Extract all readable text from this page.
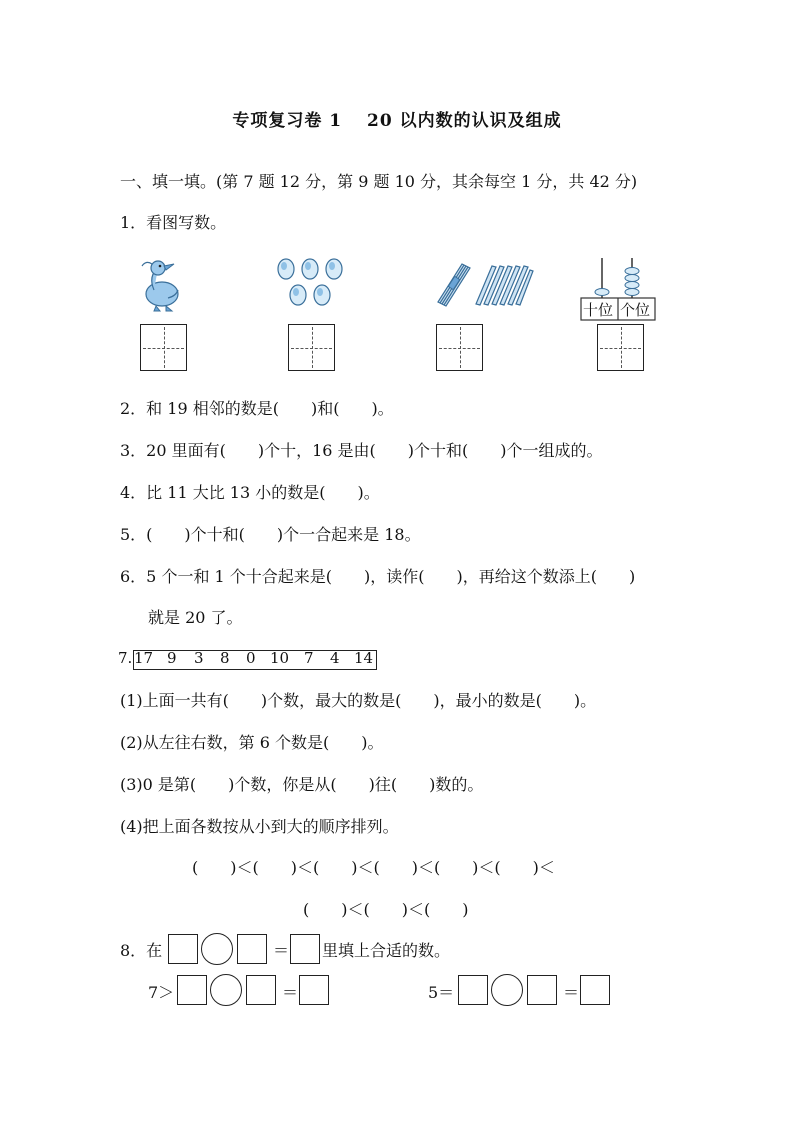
专项复习卷 1　 20 以内数的认识及组成
一、填一填。(第 7 题 12 分，第 9 题 10 分，其余每空 1 分，共 42 分)
1．看图写数。
十位 个位
2．和 19 相邻的数是(　　)和(　　)。
3．20 里面有(　　)个十，16 是由(　　)个十和(　　)个一组成的。
4．比 11 大比 13 小的数是(　　)。
5．(　　)个十和(　　)个一合起来是 18。
6．5 个一和 1 个十合起来是(　　)，读作(　　)，再给这个数添上(　　)
就是 20 了。
7. 17 9 3 8 0 10 7 4 14
(1)上面一共有(　　)个数，最大的数是(　　)，最小的数是(　　)。
(2)从左往右数，第 6 个数是(　　)。
(3)0 是第(　　)个数，你是从(　　)往(　　)数的。
(4)把上面各数按从小到大的顺序排列。
(　　)＜(　　)＜(　　)＜(　　)＜(　　)＜(　　)＜
(　　)＜(　　)＜(　　)
8．在	＝ 里填上合适的数。
7＞	＝	5＝	＝
